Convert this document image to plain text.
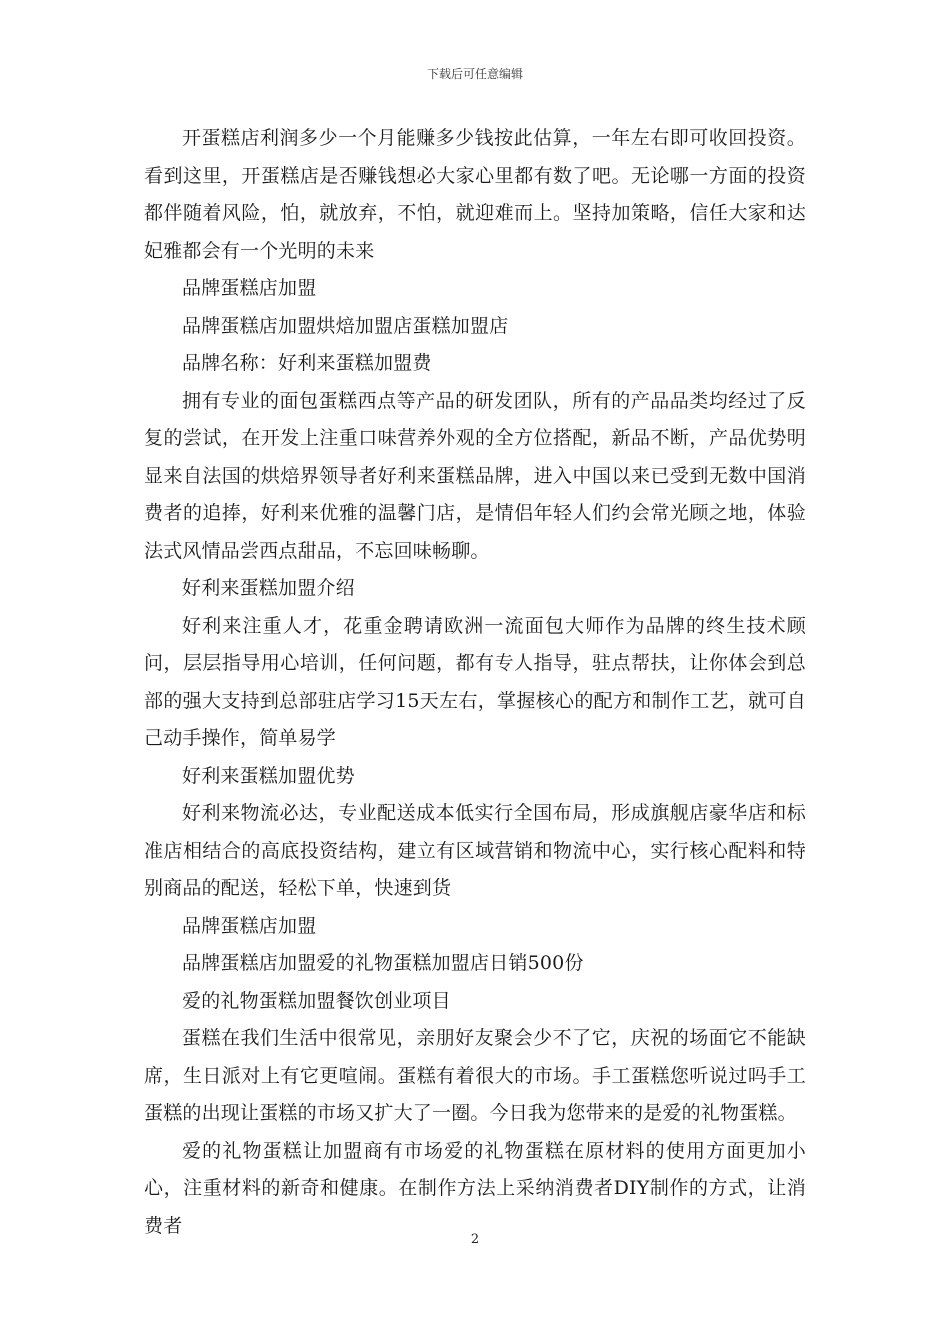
下载后可任意编辑

开蛋糕店利润多少一个月能赚多少钱按此估算，一年左右即可收回投资。看到这里，开蛋糕店是否赚钱想必大家心里都有数了吧。无论哪一方面的投资都伴随着风险，怕，就放弃，不怕，就迎难而上。坚持加策略，信任大家和达妃雅都会有一个光明的未来

品牌蛋糕店加盟

品牌蛋糕店加盟烘焙加盟店蛋糕加盟店

品牌名称：好利来蛋糕加盟费

拥有专业的面包蛋糕西点等产品的研发团队，所有的产品品类均经过了反复的尝试，在开发上注重口味营养外观的全方位搭配，新品不断，产品优势明显来自法国的烘焙界领导者好利来蛋糕品牌，进入中国以来已受到无数中国消费者的追捧，好利来优雅的温馨门店，是情侣年轻人们约会常光顾之地，体验法式风情品尝西点甜品，不忘回味畅聊。

好利来蛋糕加盟介绍

好利来注重人才，花重金聘请欧洲一流面包大师作为品牌的终生技术顾问，层层指导用心培训，任何问题，都有专人指导，驻点帮扶，让你体会到总部的强大支持到总部驻店学习15天左右，掌握核心的配方和制作工艺，就可自己动手操作，简单易学

好利来蛋糕加盟优势

好利来物流必达，专业配送成本低实行全国布局，形成旗舰店豪华店和标准店相结合的高底投资结构，建立有区域营销和物流中心，实行核心配料和特别商品的配送，轻松下单，快速到货

品牌蛋糕店加盟

品牌蛋糕店加盟爱的礼物蛋糕加盟店日销500份

爱的礼物蛋糕加盟餐饮创业项目

蛋糕在我们生活中很常见，亲朋好友聚会少不了它，庆祝的场面它不能缺席，生日派对上有它更喧闹。蛋糕有着很大的市场。手工蛋糕您听说过吗手工蛋糕的出现让蛋糕的市场又扩大了一圈。今日我为您带来的是爱的礼物蛋糕。

爱的礼物蛋糕让加盟商有市场爱的礼物蛋糕在原材料的使用方面更加小心，注重材料的新奇和健康。在制作方法上采纳消费者DIY制作的方式，让消费者

2
